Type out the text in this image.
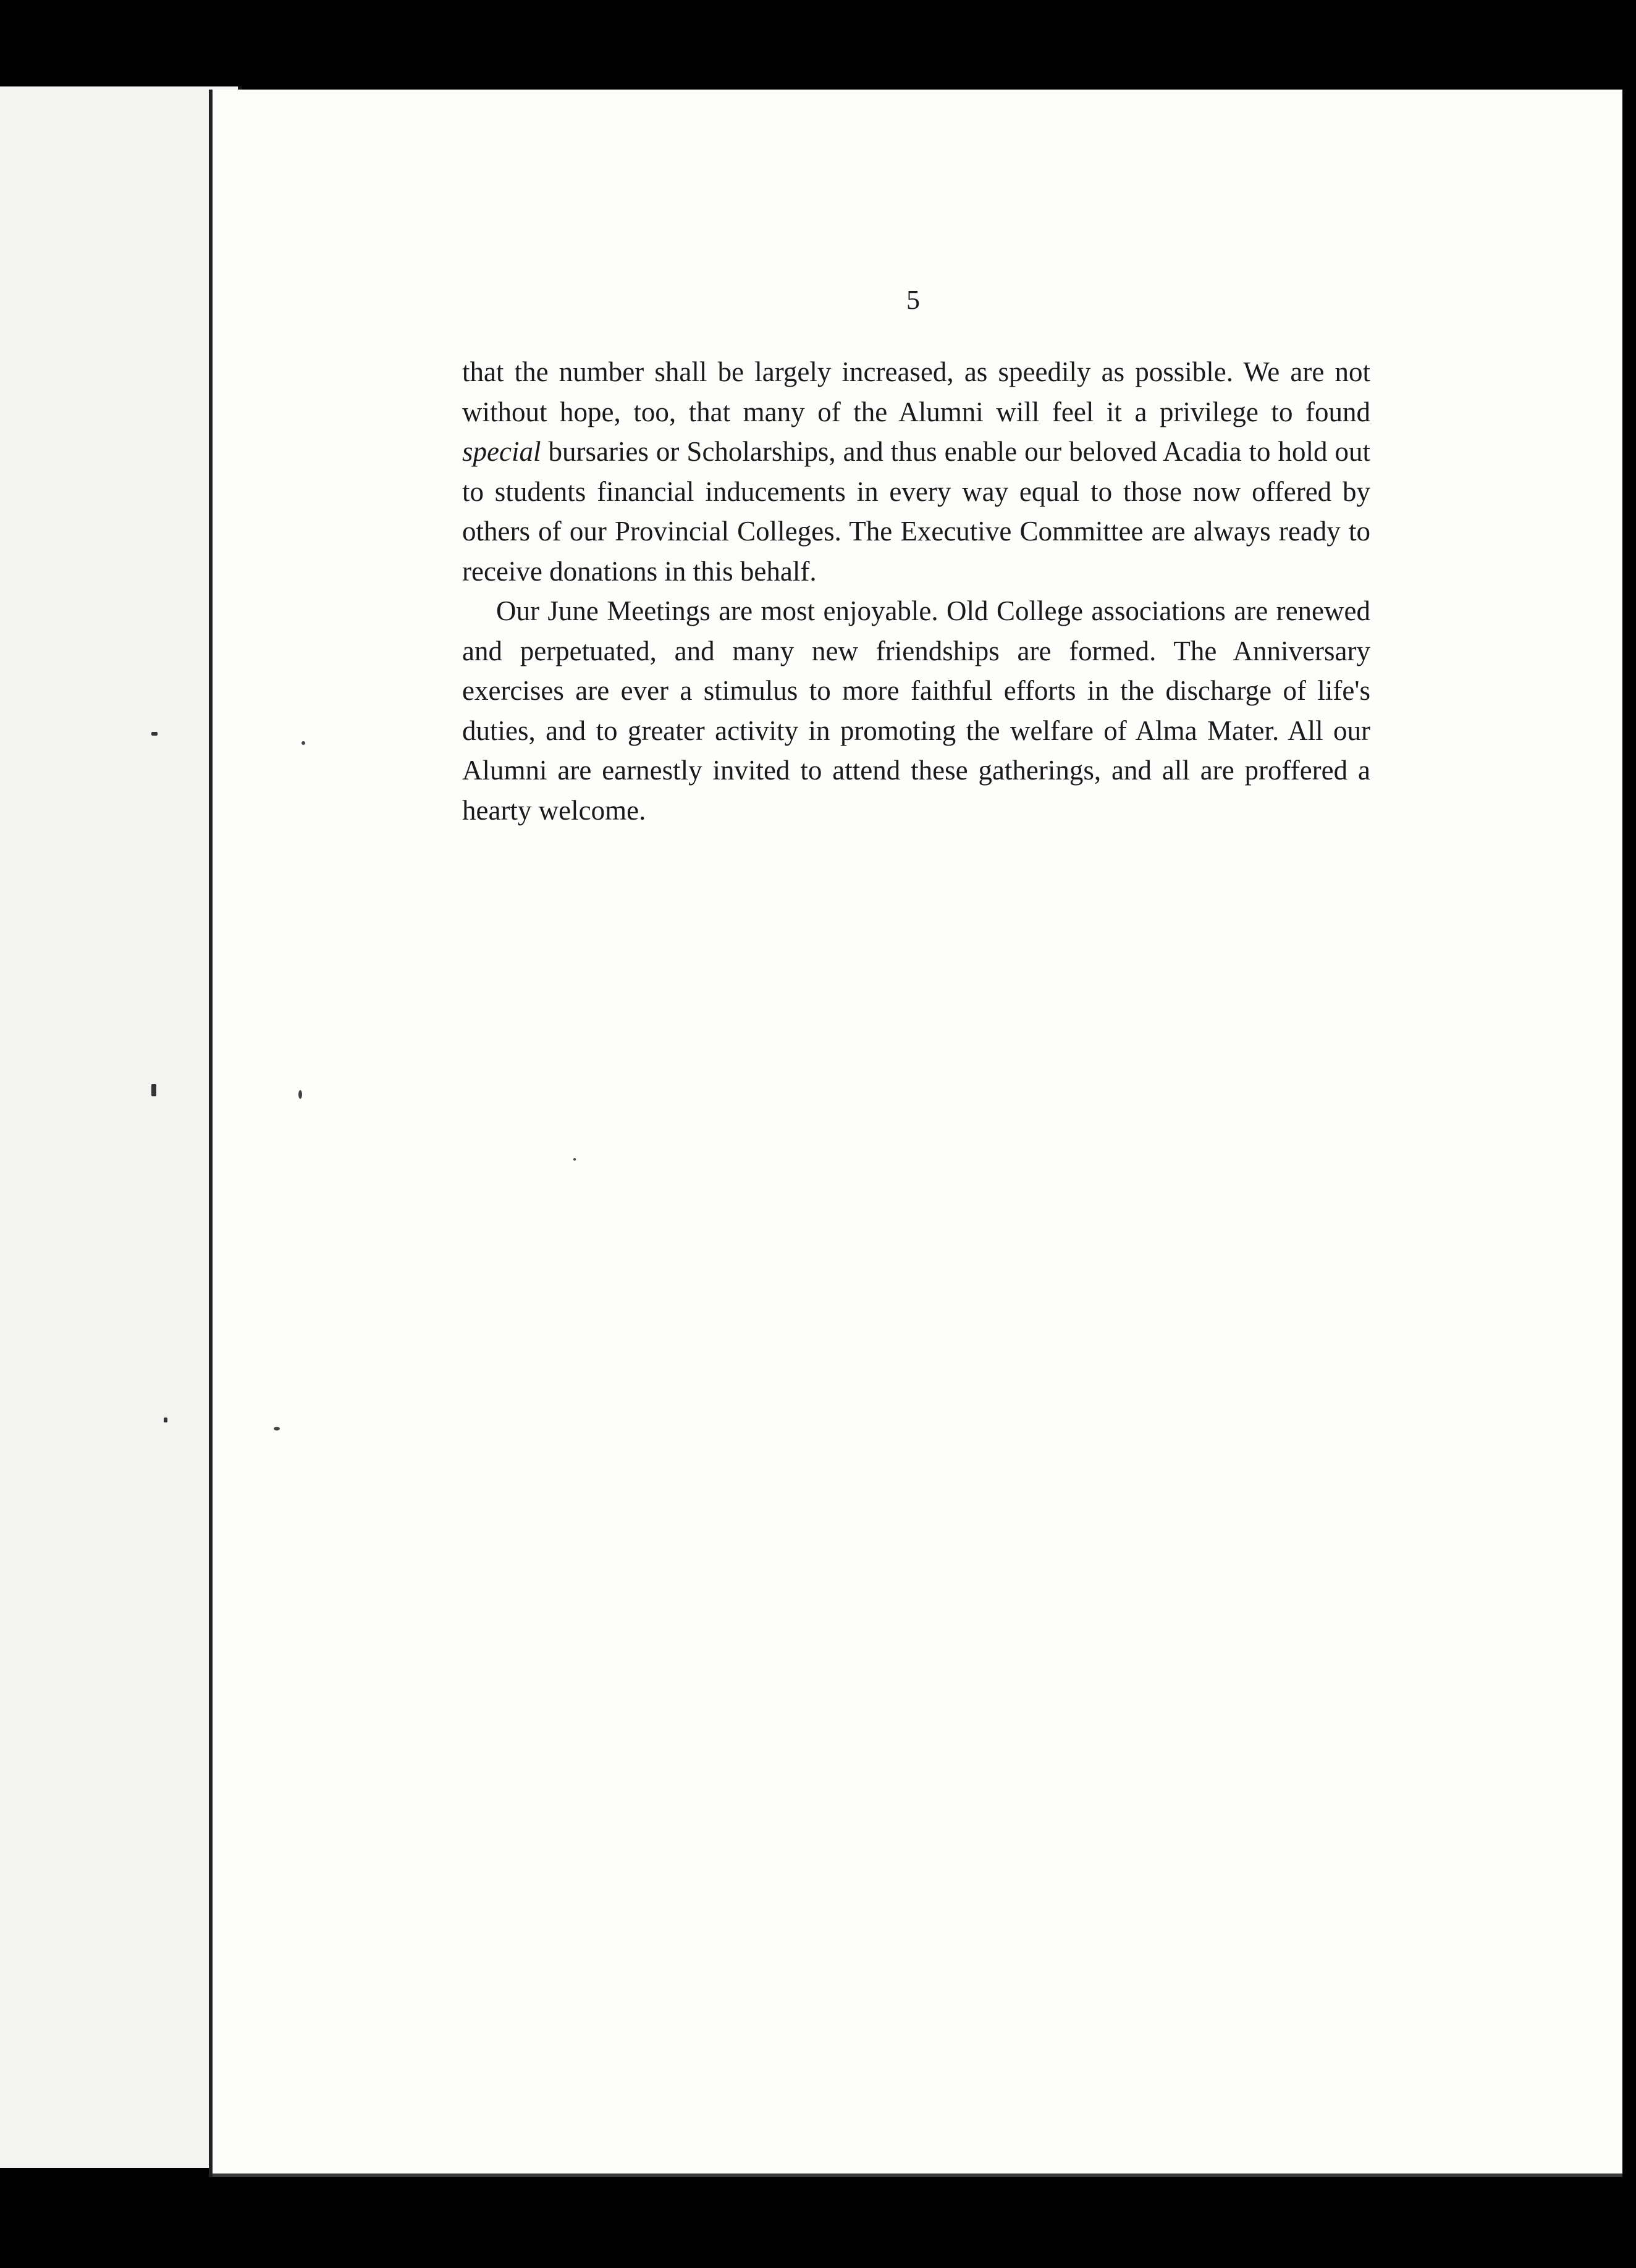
5

that the number shall be largely increased, as speedily as possible. We are not without hope, too, that many of the Alumni will feel it a privilege to found special bursaries or Scholarships, and thus enable our beloved Acadia to hold out to students financial inducements in every way equal to those now offered by others of our Provincial Colleges. The Executive Committee are always ready to receive donations in this behalf.

Our June Meetings are most enjoyable. Old College associations are renewed and perpetuated, and many new friendships are formed. The Anniversary exercises are ever a stimulus to more faithful efforts in the discharge of life's duties, and to greater activity in promoting the welfare of Alma Mater. All our Alumni are earnestly invited to attend these gatherings, and all are proffered a hearty welcome.
